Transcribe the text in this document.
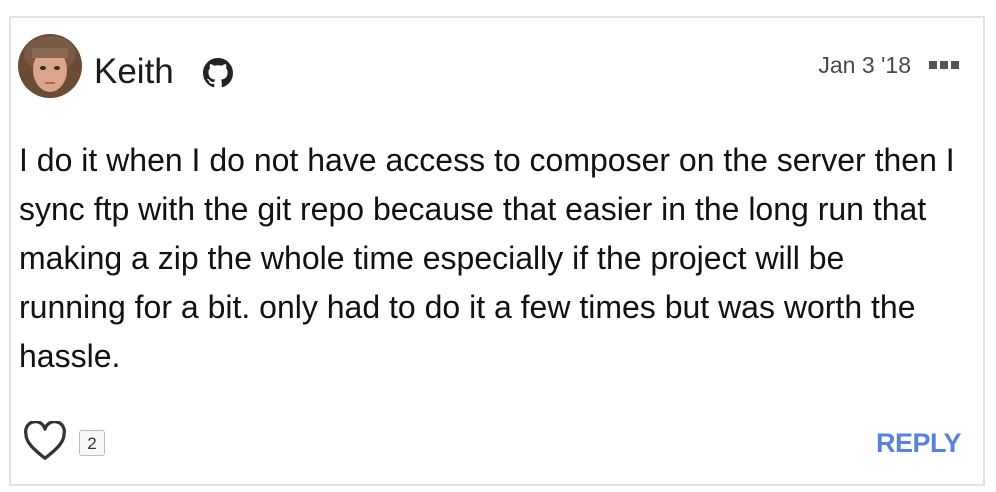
Keith	Jan 3 '18

I do it when I do not have access to composer on the server then I sync ftp with the git repo because that easier in the long run that making a zip the whole time especially if the project will be running for a bit. only had to do it a few times but was worth the hassle.

2	REPLY
